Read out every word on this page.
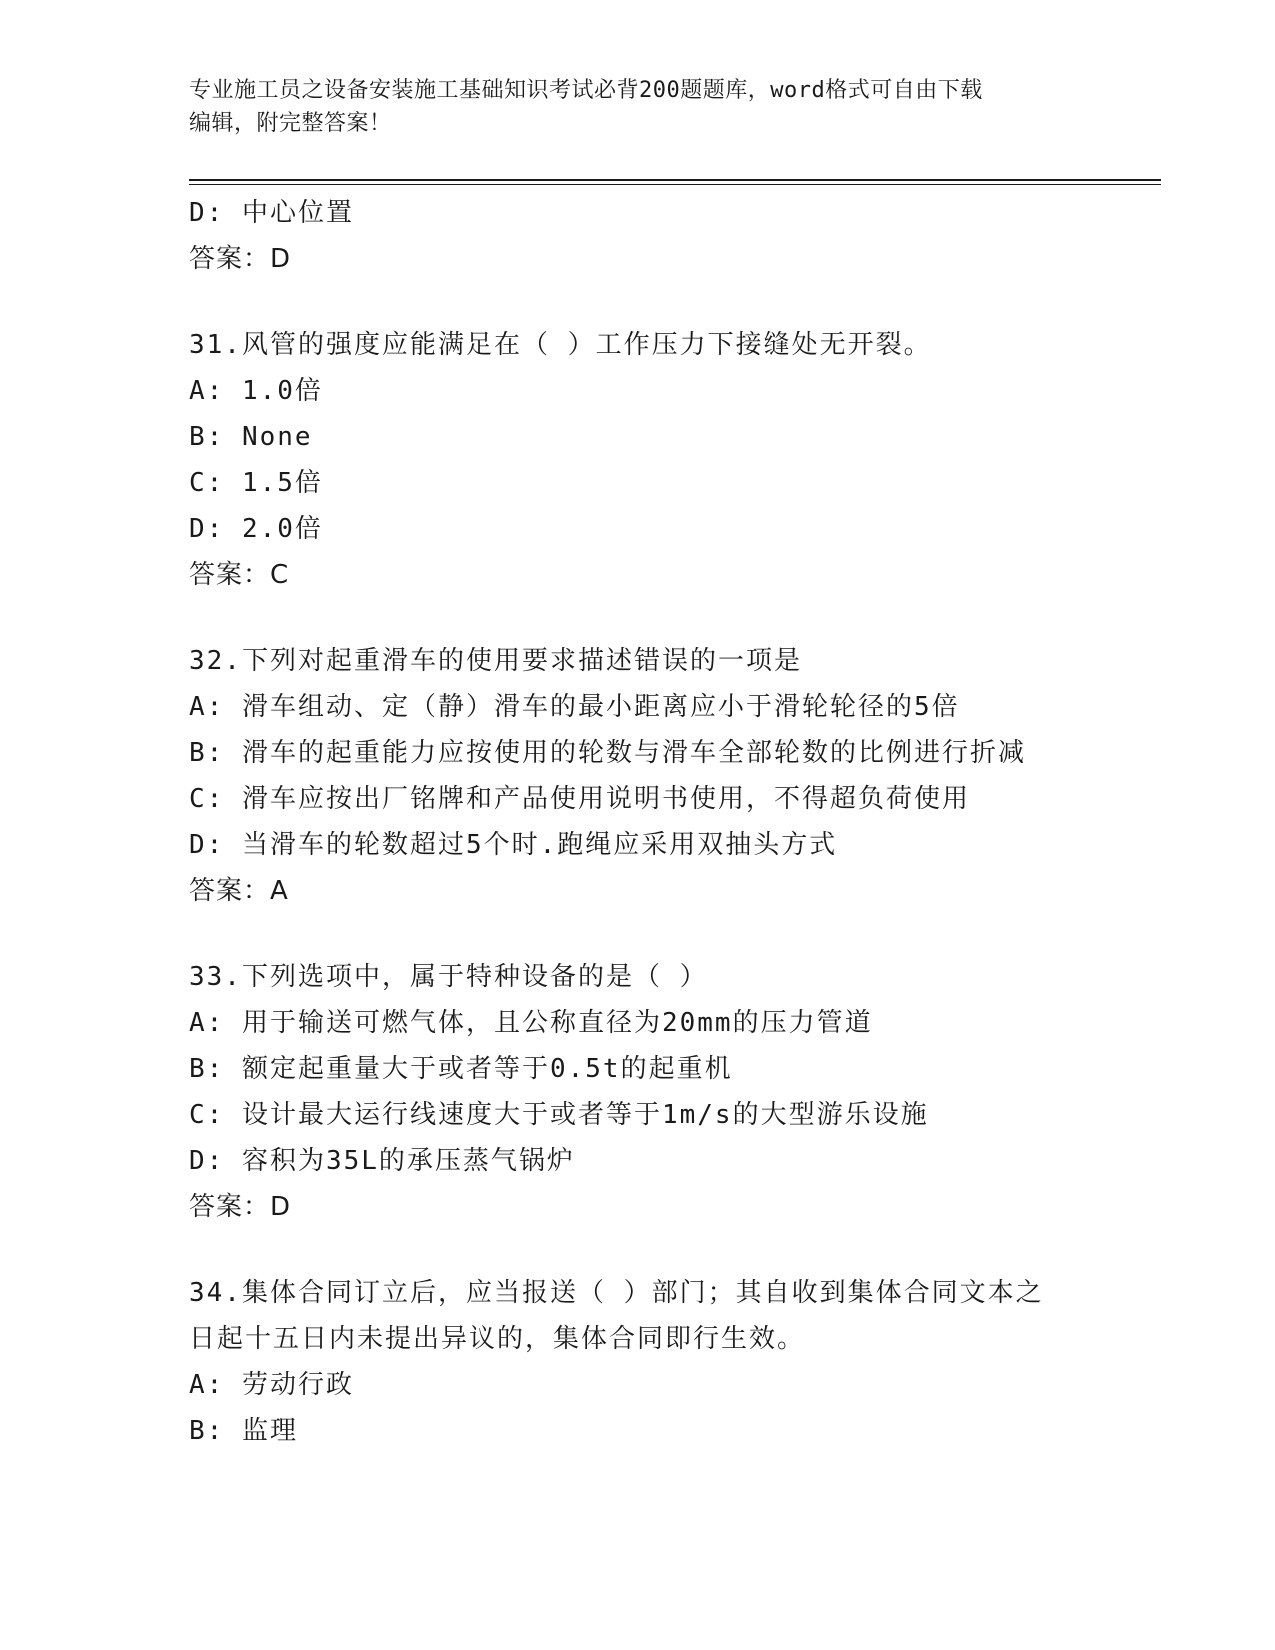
专业施工员之设备安装施工基础知识考试必背200题题库，word格式可自由下载
编辑，附完整答案！
D: 中心位置
答案：D
31.风管的强度应能满足在（ ）工作压力下接缝处无开裂。
A: 1.0倍
B: None
C: 1.5倍
D: 2.0倍
答案：C
32.下列对起重滑车的使用要求描述错误的一项是
A: 滑车组动、定（静）滑车的最小距离应小于滑轮轮径的5倍
B: 滑车的起重能力应按使用的轮数与滑车全部轮数的比例进行折减
C: 滑车应按出厂铭牌和产品使用说明书使用，不得超负荷使用
D: 当滑车的轮数超过5个时.跑绳应采用双抽头方式
答案：A
33.下列选项中，属于特种设备的是（ ）
A: 用于输送可燃气体，且公称直径为20mm的压力管道
B: 额定起重量大于或者等于0.5t的起重机
C: 设计最大运行线速度大于或者等于1m/s的大型游乐设施
D: 容积为35L的承压蒸气锅炉
答案：D
34.集体合同订立后，应当报送（ ）部门；其自收到集体合同文本之
日起十五日内未提出异议的，集体合同即行生效。
A: 劳动行政
B: 监理
